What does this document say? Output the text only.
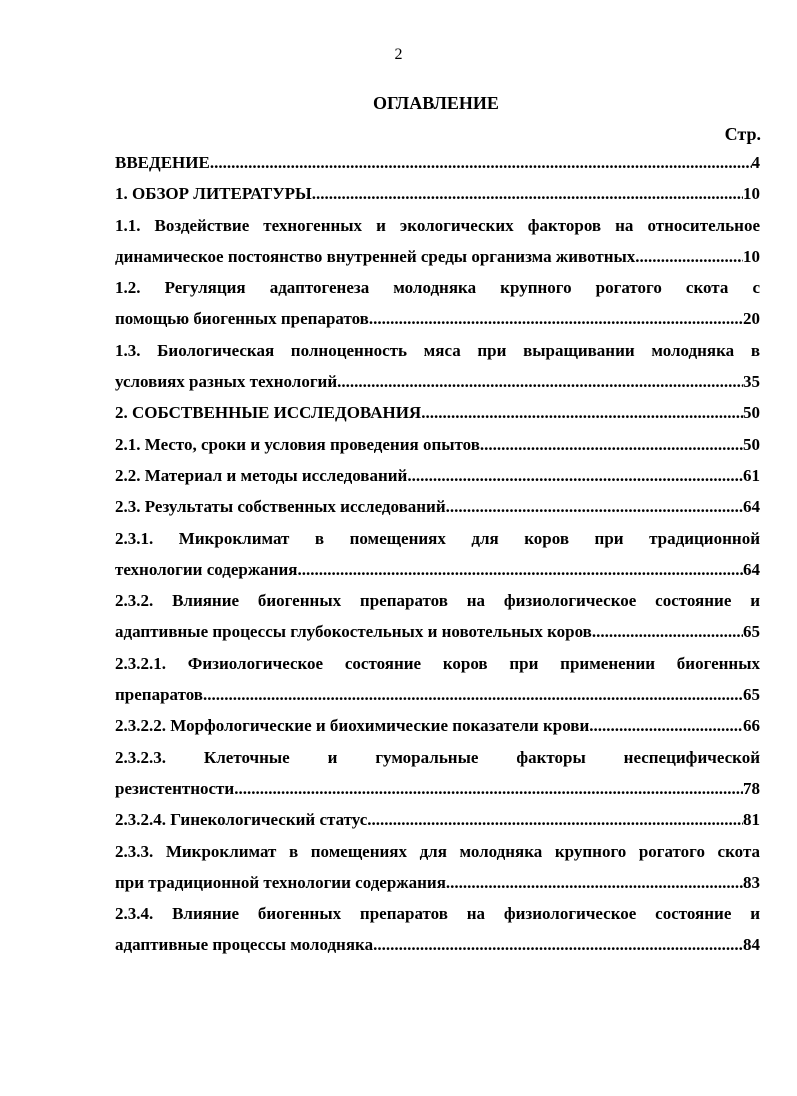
2
ОГЛАВЛЕНИЕ
Стр.
ВВЕДЕНИЕ .....	4
1. ОБЗОР ЛИТЕРАТУРЫ .....	10
1.1. Воздействие техногенных и экологических факторов на относительное
динамическое постоянство внутренней среды организма животных .....	10
1.2. Регуляция адаптогенеза молодняка крупного рогатого скота с
помощью биогенных препаратов .....	20
1.3. Биологическая полноценность мяса при выращивании молодняка в
условиях разных технологий .....	35
2. СОБСТВЕННЫЕ ИССЛЕДОВАНИЯ .....	50
2.1. Место, сроки и условия проведения опытов .....	50
2.2. Материал и методы исследований .....	61
2.3. Результаты собственных исследований .....	64
2.3.1. Микроклимат в помещениях для коров при традиционной
технологии содержания .....	64
2.3.2. Влияние биогенных препаратов на физиологическое состояние и
адаптивные процессы глубокостельных и новотельных коров .....	65
2.3.2.1. Физиологическое состояние коров при применении биогенных
препаратов .....	65
2.3.2.2. Морфологические и биохимические показатели крови .....	66
2.3.2.3. Клеточные и гуморальные факторы неспецифической
резистентности .....	78
2.3.2.4. Гинекологический статус .....	81
2.3.3. Микроклимат в помещениях для молодняка крупного рогатого скота
при традиционной технологии содержания .....	83
2.3.4. Влияние биогенных препаратов на физиологическое состояние и
адаптивные процессы молодняка .....	84
